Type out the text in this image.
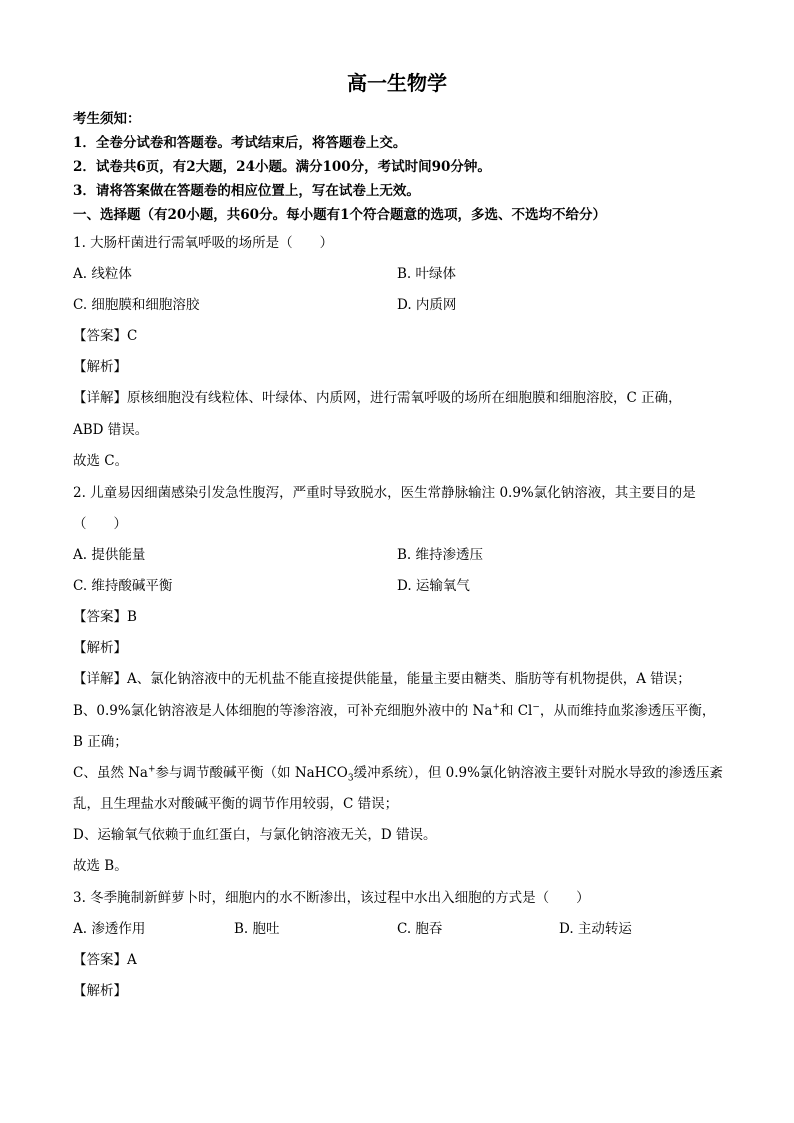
高一生物学
考生须知：
1．全卷分试卷和答题卷。考试结束后，将答题卷上交。
2．试卷共6页，有2大题，24小题。满分100分，考试时间90分钟。
3．请将答案做在答题卷的相应位置上，写在试卷上无效。
一、选择题（有20小题，共60分。每小题有1个符合题意的选项，多选、不选均不给分）
1. 大肠杆菌进行需氧呼吸的场所是（　　）
A. 线粒体	B. 叶绿体
C. 细胞膜和细胞溶胶	D. 内质网
【答案】C
【解析】
【详解】原核细胞没有线粒体、叶绿体、内质网，进行需氧呼吸的场所在细胞膜和细胞溶胶，C 正确，
ABD 错误。
故选 C。
2. 儿童易因细菌感染引发急性腹泻，严重时导致脱水，医生常静脉输注 0.9%氯化钠溶液，其主要目的是
（　　）
A. 提供能量	B. 维持渗透压
C. 维持酸碱平衡	D. 运输氧气
【答案】B
【解析】
【详解】A、氯化钠溶液中的无机盐不能直接提供能量，能量主要由糖类、脂肪等有机物提供，A 错误；
B、0.9%氯化钠溶液是人体细胞的等渗溶液，可补充细胞外液中的 Na+和 Cl−，从而维持血浆渗透压平衡，
B 正确；
C、虽然 Na+参与调节酸碱平衡（如 NaHCO$_3$缓冲系统），但 0.9%氯化钠溶液主要针对脱水导致的渗透压紊
乱，且生理盐水对酸碱平衡的调节作用较弱，C 错误；
D、运输氧气依赖于血红蛋白，与氯化钠溶液无关，D 错误。
故选 B。
3. 冬季腌制新鲜萝卜时，细胞内的水不断渗出，该过程中水出入细胞的方式是（　　）
A. 渗透作用	B. 胞吐	C. 胞吞	D. 主动转运
【答案】A
【解析】
